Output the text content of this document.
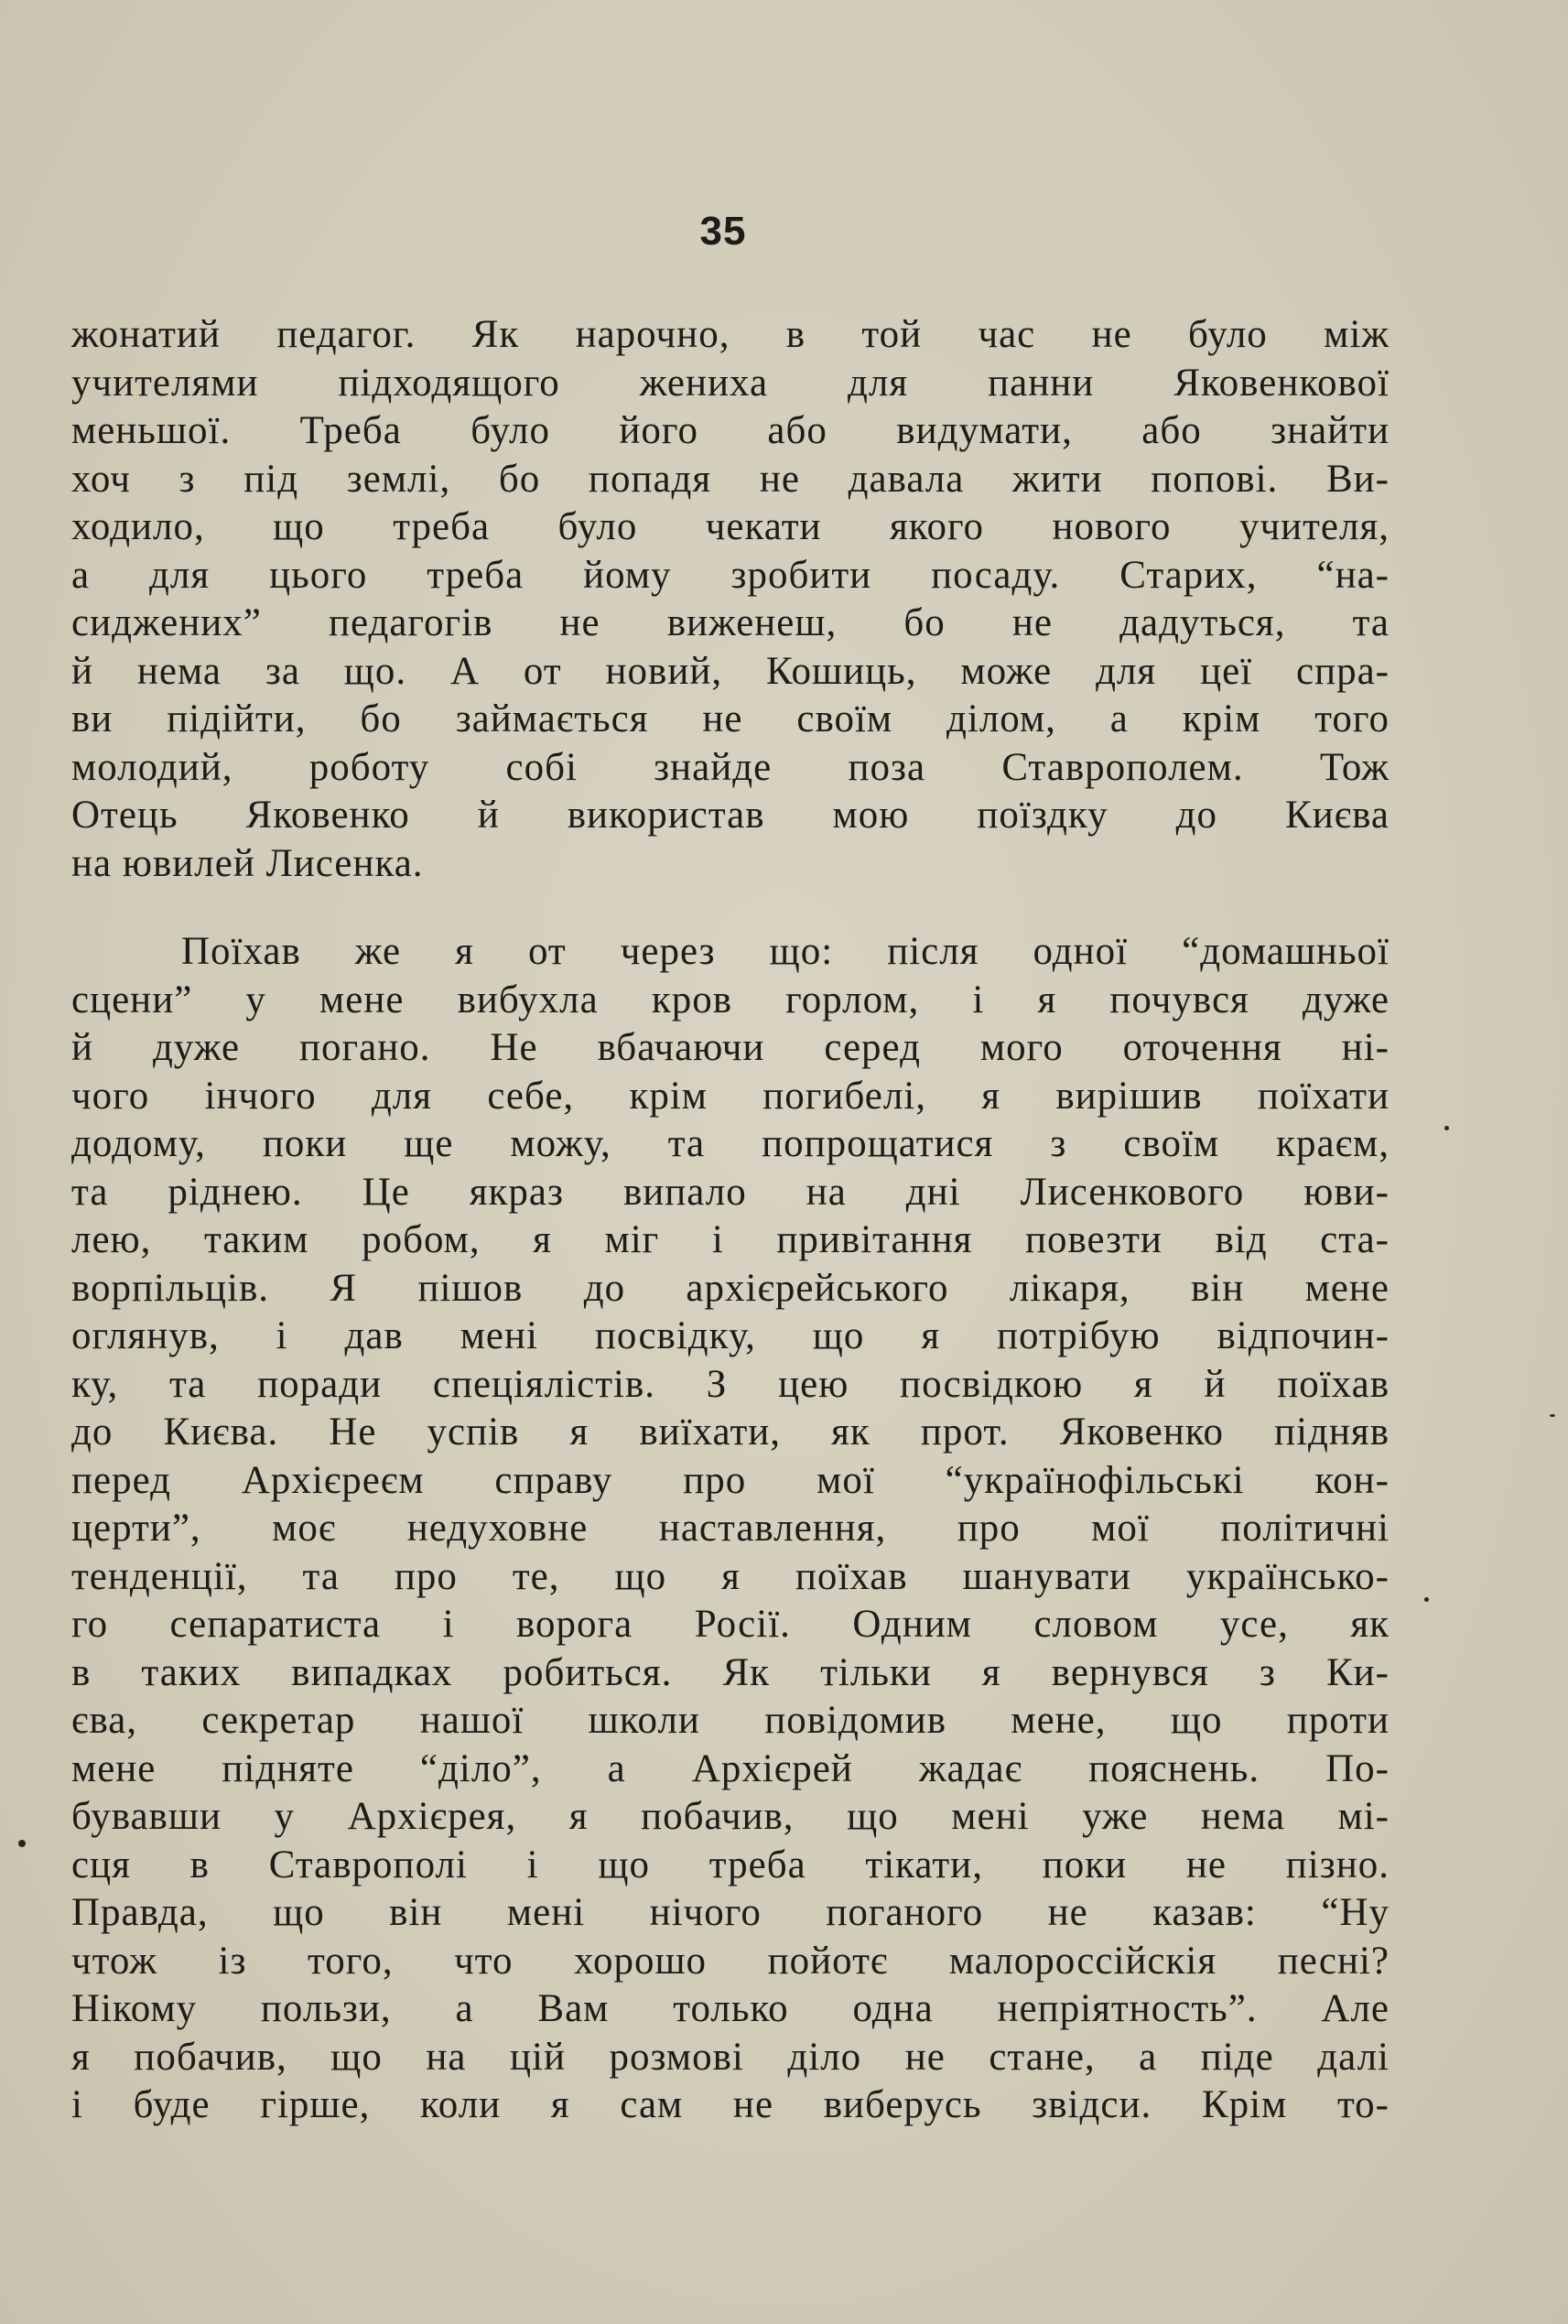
35
жонатий педагог. Як нарочно, в той час не було між
учителями підходящого жениха для панни Яковенкової
меньшої. Треба було його або видумати, або знайти
хоч з під землі, бо попадя не давала жити попові. Ви-
ходило, що треба було чекати якого нового учителя,
а для цього треба йому зробити посаду. Старих, “на-
сиджених” педагогів не виженеш, бо не дадуться, та
й нема за що. А от новий, Кошиць, може для цеї спра-
ви підійти, бо займається не своїм ділом, а крім того
молодий, роботу собі знайде поза Ставрополем. Тож
Отець Яковенко й використав мою поїздку до Києва
на ювилей Лисенка.
Поїхав же я от через що: після одної “домашньої
сцени” у мене вибухла кров горлом, і я почувся дуже
й дуже погано. Не вбачаючи серед мого оточення ні-
чого інчого для себе, крім погибелі, я вирішив поїхати
додому, поки ще можу, та попрощатися з своїм краєм,
та ріднею. Це якраз випало на дні Лисенкового юви-
лею, таким робом, я міг і привітання повезти від ста-
ворпільців. Я пішов до архієрейського лікаря, він мене
оглянув, і дав мені посвідку, що я потрібую відпочин-
ку, та поради спеціялістів. З цею посвідкою я й поїхав
до Києва. Не успів я виїхати, як прот. Яковенко підняв
перед Архієреєм справу про мої “українофільські кон-
церти”, моє недуховне наставлення, про мої політичні
тенденції, та про те, що я поїхав шанувати українсько-
го сепаратиста і ворога Росії. Одним словом усе, як
в таких випадках робиться. Як тільки я вернувся з Ки-
єва, секретар нашої школи повідомив мене, що проти
мене підняте “діло”, а Архієрей жадає пояснень. По-
бувавши у Архієрея, я побачив, що мені уже нема мі-
сця в Ставрополі і що треба тікати, поки не пізно.
Правда, що він мені нічого поганого не казав: “Ну
чтож із того, что хорошо пойотє малороссійскія песні?
Нікому пользи, а Вам только одна непріятность”. Але
я побачив, що на цій розмові діло не стане, а піде далі
і буде гірше, коли я сам не виберусь звідси. Крім то-
